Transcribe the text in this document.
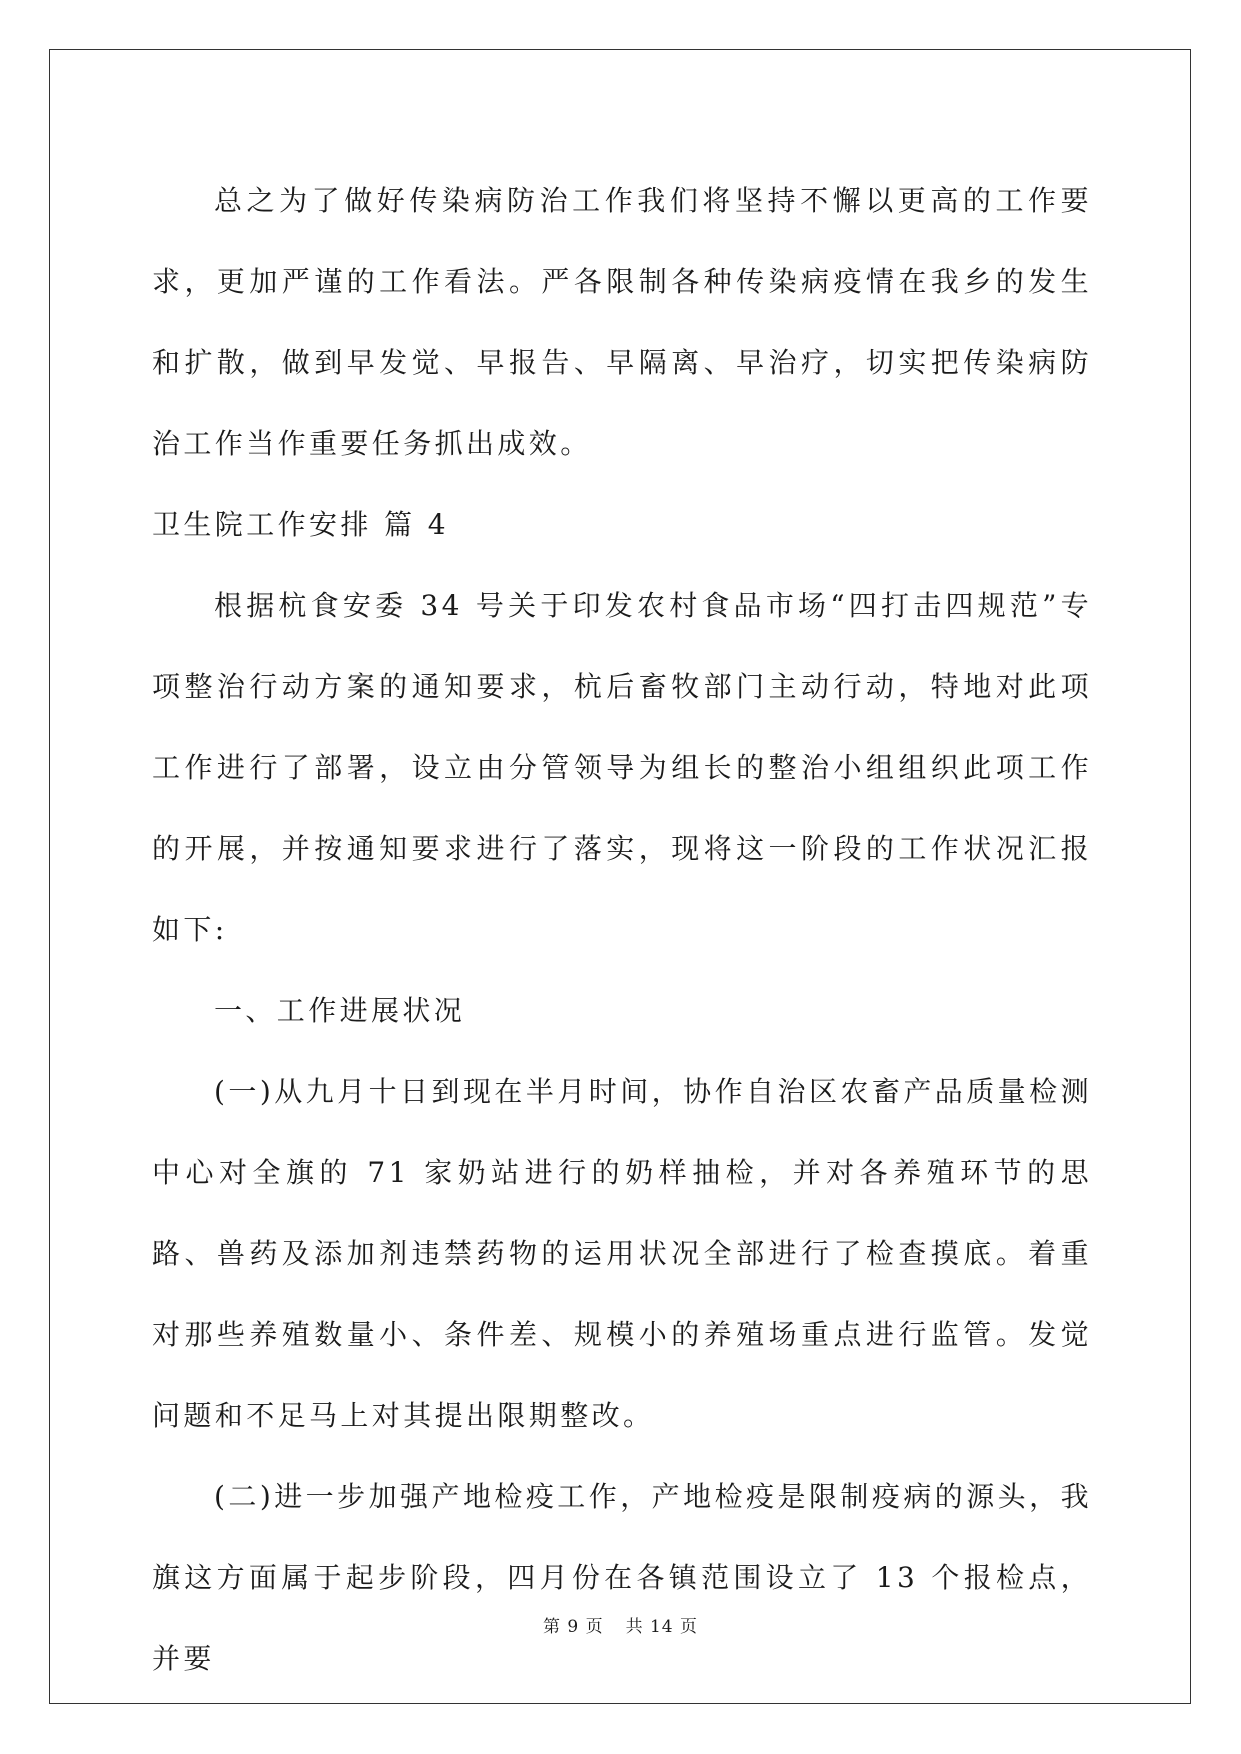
总之为了做好传染病防治工作我们将坚持不懈以更高的工作要求，更加严谨的工作看法。严各限制各种传染病疫情在我乡的发生和扩散，做到早发觉、早报告、早隔离、早治疗，切实把传染病防治工作当作重要任务抓出成效。

卫生院工作安排 篇 4

根据杭食安委 34 号关于印发农村食品市场“四打击四规范”专项整治行动方案的通知要求，杭后畜牧部门主动行动，特地对此项工作进行了部署，设立由分管领导为组长的整治小组组织此项工作的开展，并按通知要求进行了落实，现将这一阶段的工作状况汇报如下:

一、工作进展状况

(一)从九月十日到现在半月时间，协作自治区农畜产品质量检测中心对全旗的 71 家奶站进行的奶样抽检，并对各养殖环节的思路、兽药及添加剂违禁药物的运用状况全部进行了检查摸底。着重对那些养殖数量小、条件差、规模小的养殖场重点进行监管。发觉问题和不足马上对其提出限期整改。

(二)进一步加强产地检疫工作，产地检疫是限制疫病的源头，我旗这方面属于起步阶段，四月份在各镇范围设立了 13 个报检点，并要

第 9 页 共 14 页
